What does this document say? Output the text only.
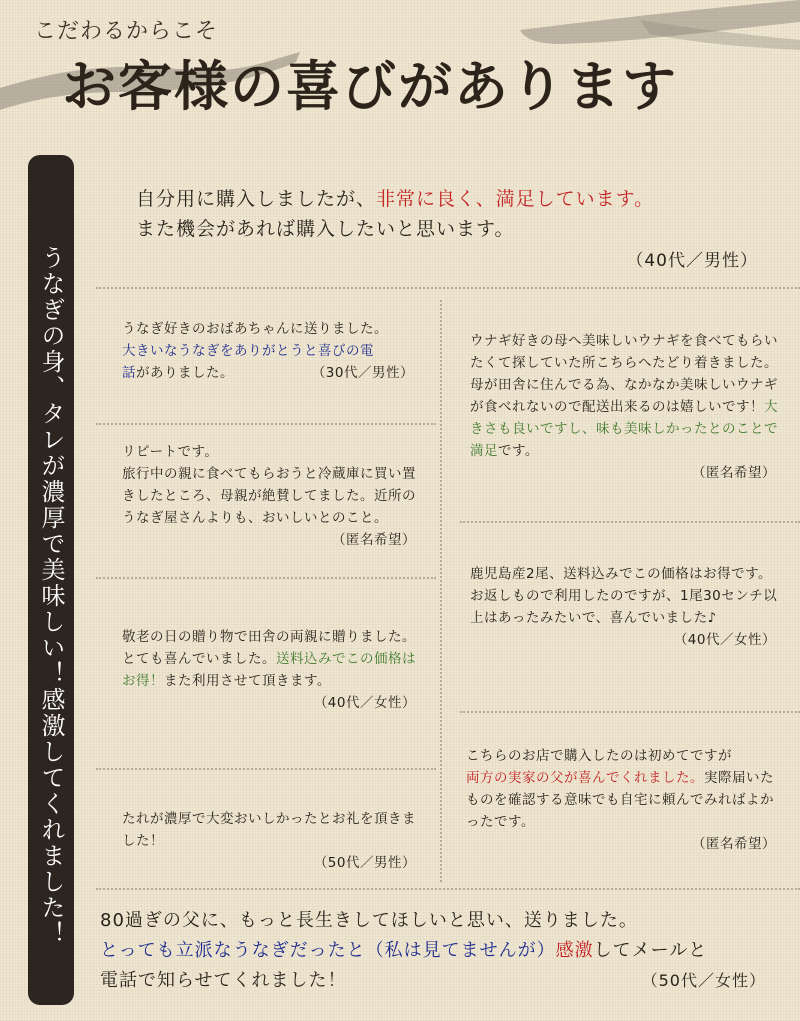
こだわるからこそ
お客様の喜びがあります
うなぎの身、タレが濃厚で美味しい！感激してくれました！
自分用に購入しましたが、非常に良く、満足しています。
また機会があれば購入したいと思います。
（40代／男性）
うなぎ好きのおばあちゃんに送りました。
大きいなうなぎをありがとうと喜びの電
話がありました。	（30代／男性）
リピートです。
旅行中の親に食べてもらおうと冷蔵庫に買い置きしたところ、母親が絶賛してました。近所のうなぎ屋さんよりも、おいしいとのこと。
（匿名希望）
敬老の日の贈り物で田舎の両親に贈りました。とても喜んでいました。送料込みでこの価格はお得！また利用させて頂きます。
（40代／女性）
たれが濃厚で大変おいしかったとお礼を頂きました！
（50代／男性）
ウナギ好きの母へ美味しいウナギを食べてもらいたくて探していた所こちらへたどり着きました。母が田舎に住んでる為、なかなか美味しいウナギが食べれないので配送出来るのは嬉しいです！大きさも良いですし、味も美味しかったとのことで満足です。
（匿名希望）
鹿児島産2尾、送料込みでこの価格はお得です。お返しもので利用したのですが、1尾30センチ以上はあったみたいで、喜んでいました♪
（40代／女性）
こちらのお店で購入したのは初めてですが
両方の実家の父が喜んでくれました。実際届いたものを確認する意味でも自宅に頼んでみればよかったです。
（匿名希望）
80過ぎの父に、もっと長生きしてほしいと思い、送りました。
とっても立派なうなぎだったと（私は見てませんが）感激してメールと
電話で知らせてくれました！	（50代／女性）
